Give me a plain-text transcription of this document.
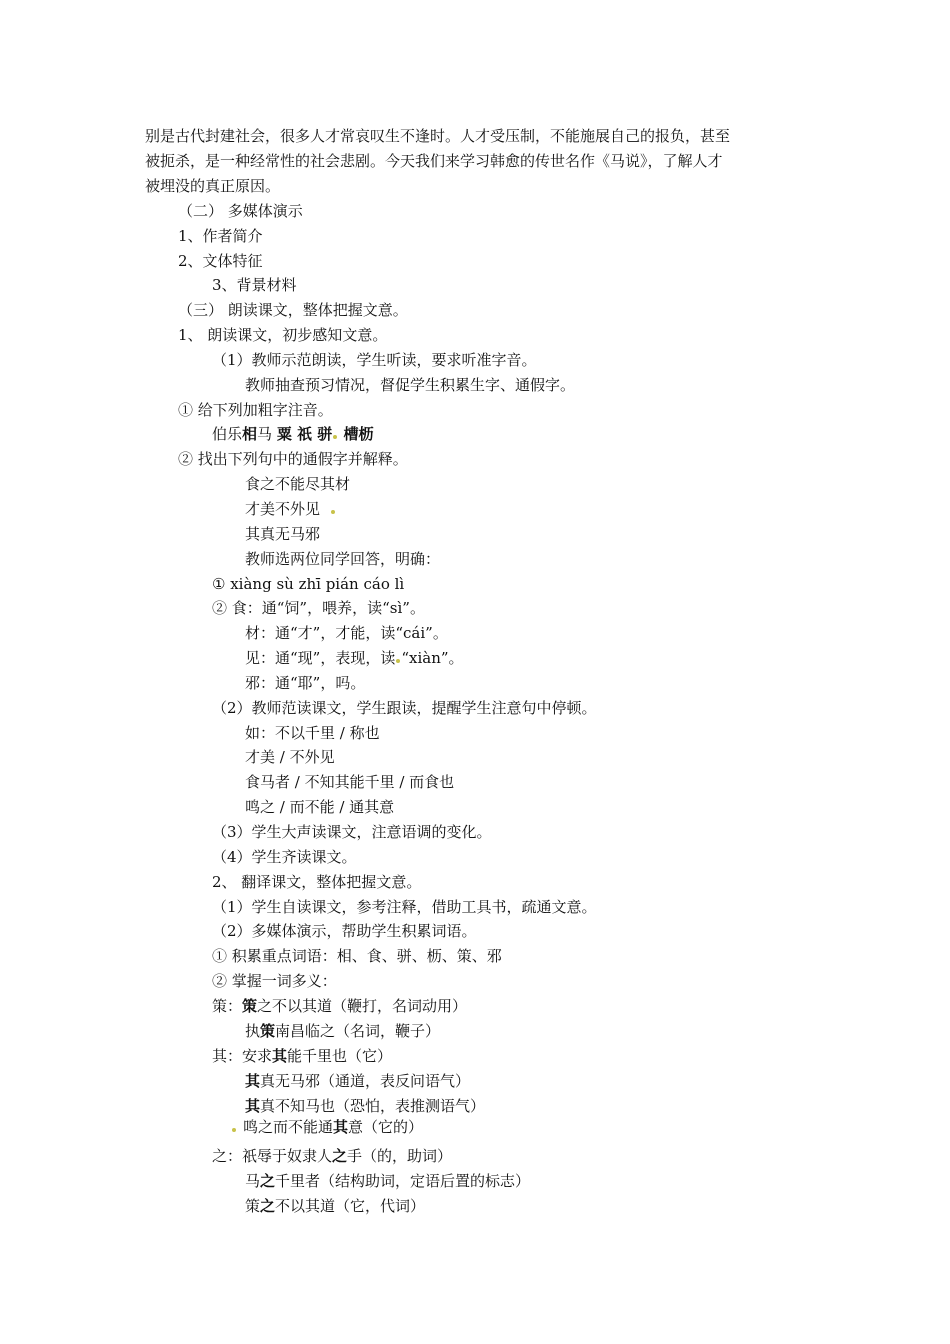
别是古代封建社会，很多人才常哀叹生不逢时。人才受压制，不能施展自己的报负，甚至
被扼杀，是一种经常性的社会悲剧。今天我们来学习韩愈的传世名作《马说》，了解人才
被埋没的真正原因。
（二） 多媒体演示
1、作者简介
2、文体特征
3、背景材料
（三） 朗读课文，整体把握文意。
1、 朗读课文，初步感知文意。
（1）教师示范朗读，学生听读，要求听准字音。
教师抽查预习情况，督促学生积累生字、通假字。
① 给下列加粗字注音。
伯乐相马 粟 祇 骈 槽枥
② 找出下列句中的通假字并解释。
食之不能尽其材
才美不外见
其真无马邪
教师选两位同学回答，明确：
① xiàng sù zhī pián cáo lì
② 食：通“饲”，喂养，读“sì”。
材：通“才”，才能，读“cái”。
见：通“现”，表现，读 “xiàn”。
邪：通“耶”，吗。
（2）教师范读课文，学生跟读，提醒学生注意句中停顿。
如：不以千里 / 称也
才美 / 不外见
食马者 / 不知其能千里 / 而食也
鸣之 / 而不能 / 通其意
（3）学生大声读课文，注意语调的变化。
（4）学生齐读课文。
2、 翻译课文，整体把握文意。
（1）学生自读课文，参考注释，借助工具书，疏通文意。
（2）多媒体演示，帮助学生积累词语。
① 积累重点词语：相、食、骈、枥、策、邪
② 掌握一词多义：
策：策之不以其道（鞭打，名词动用）
执策南昌临之（名词，鞭子）
其：安求其能千里也（它）
其真无马邪（通道，表反问语气）
其真不知马也（恐怕，表推测语气）
鸣之而不能通其意（它的）
之：祇辱于奴隶人之手（的，助词）
马之千里者（结构助词，定语后置的标志）
策之不以其道（它，代词）
